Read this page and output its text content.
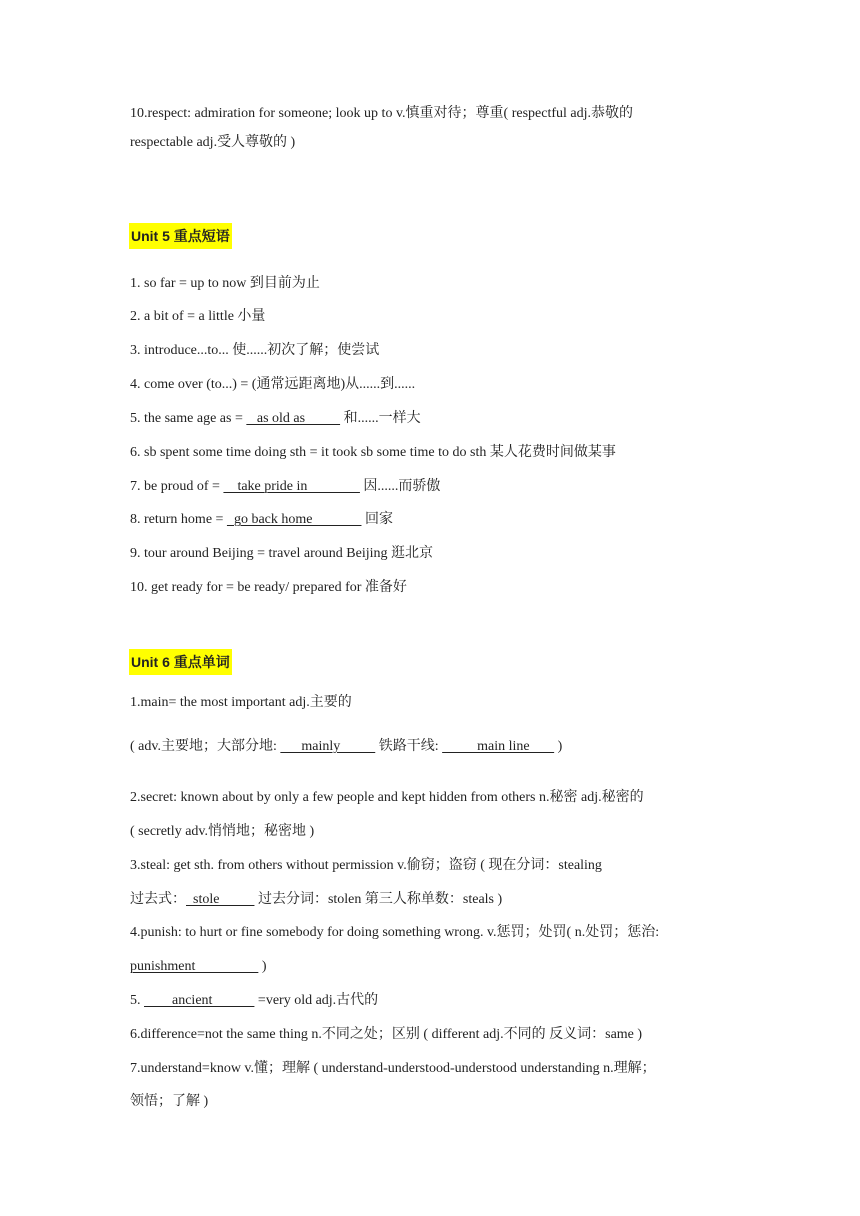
10.respect: admiration for someone; look up to v.慎重对待；尊重( respectful adj.恭敬的
respectable adj.受人尊敬的 )
Unit 5 重点短语
1. so far = up to now 到目前为止
2. a bit of = a little 小量
3. introduce...to... 使......初次了解；使尝试
4. come over (to...) = (通常远距离地)从......到......
5. the same age as =    as old as           和......一样大
6. sb spent some time doing sth = it took sb some time to do sth 某人花费时间做某事
7. be proud of =     take pride in                因......而骄傲
8. return home =   go back home               回家
9. tour around Beijing = travel around Beijing 逛北京
10. get ready for = be ready/ prepared for 准备好
Unit 6 重点单词
1.main= the most important adj.主要的
( adv.主要地；大部分地:       mainly           铁路干线:           main line        )
2.secret: known about by only a few people and kept hidden from others n.秘密 adj.秘密的
( secretly adv.悄悄地；秘密地 )
3.steal: get sth. from others without permission v.偷窃；盗窃 ( 现在分词：stealing
过去式：  stole           过去分词：stolen 第三人称单数：steals )
4.punish: to hurt or fine somebody for doing something wrong. v.惩罚；处罚( n.处罚；惩治:
punishment                   )
5.         ancient             =very old adj.古代的
6.difference=not the same thing n.不同之处；区别 ( different adj.不同的 反义词：same )
7.understand=know v.懂；理解 ( understand-understood-understood understanding n.理解；
领悟；了解 )
